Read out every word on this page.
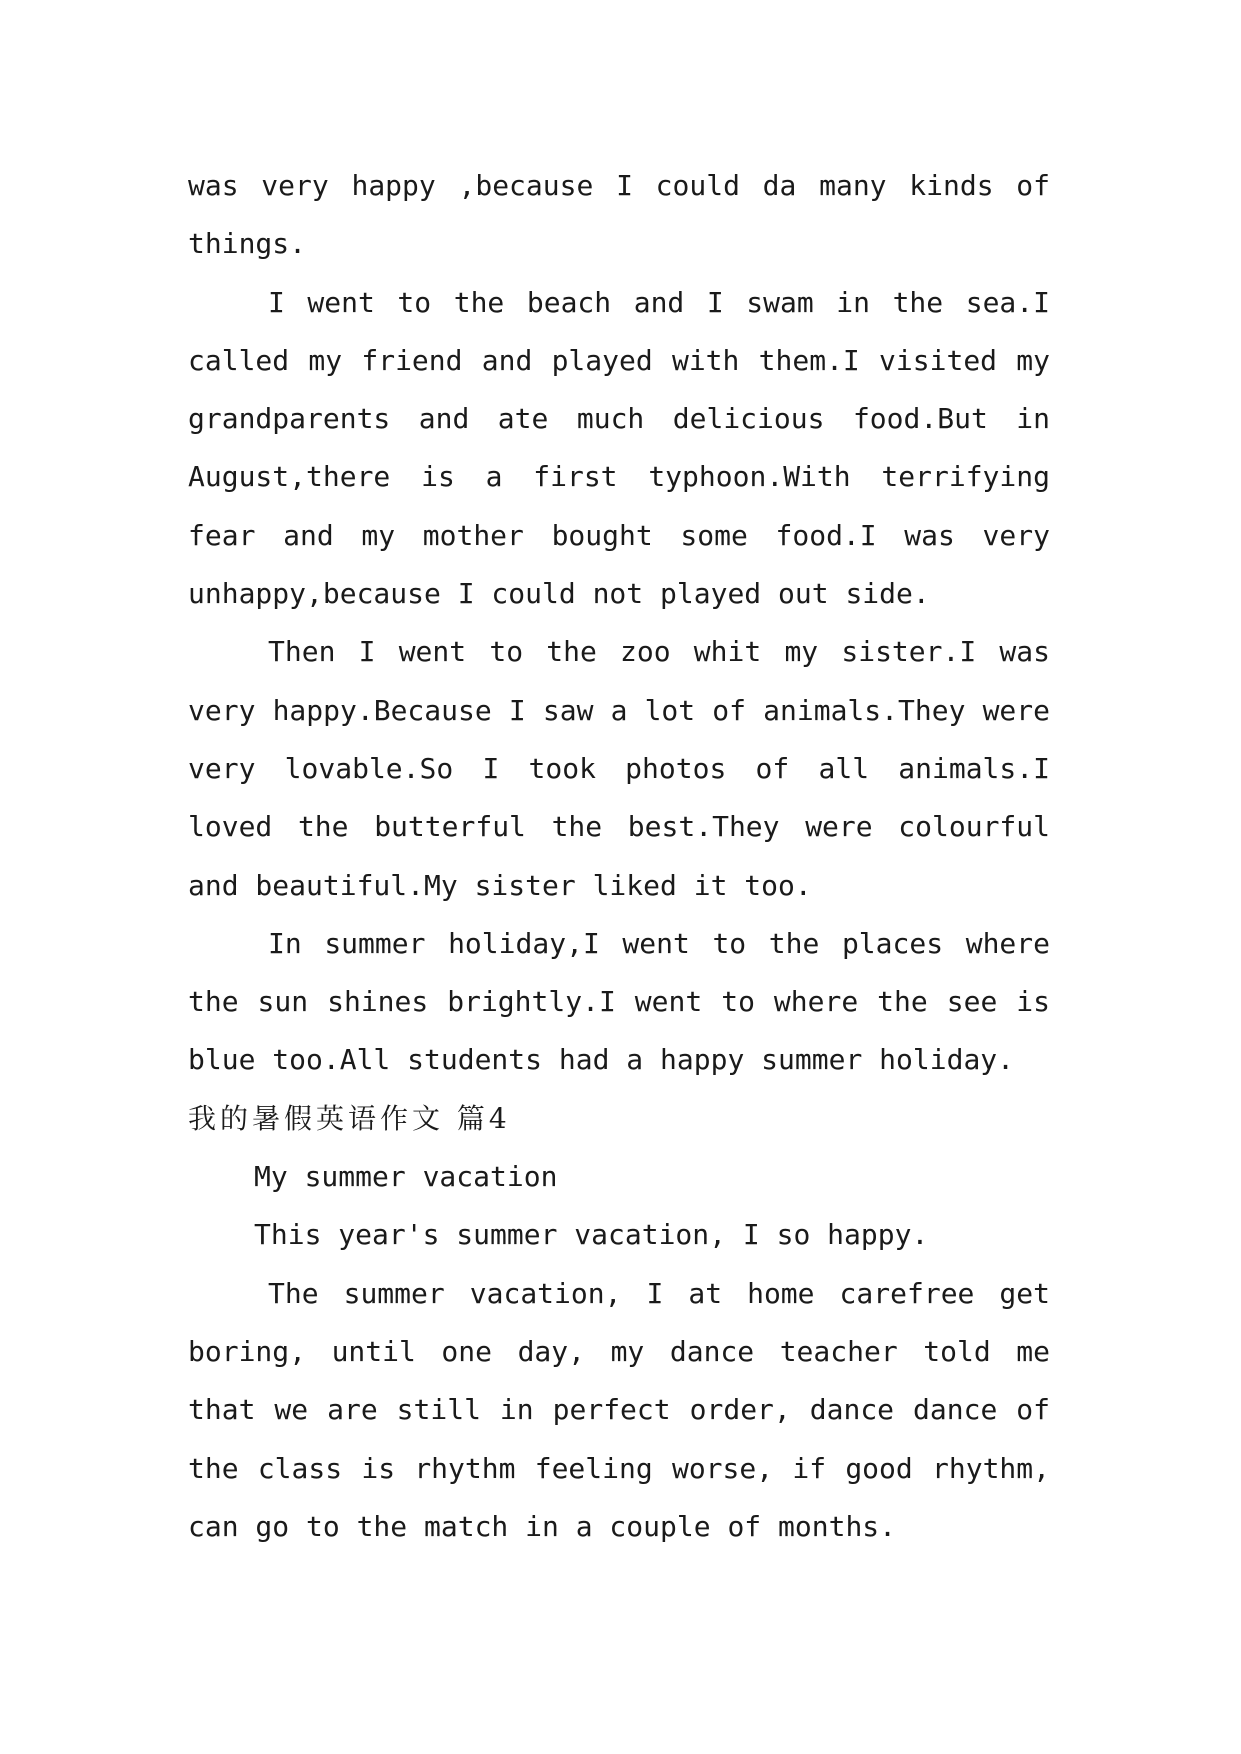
was very happy ,because I could da many kinds of
things.
I went to the beach and I swam in the sea.I
called my friend and played with them.I visited my
grandparents and ate much delicious food.But in
August,there is a first typhoon.With terrifying
fear and my mother bought some food.I was very
unhappy,because I could not played out side.
Then I went to the zoo whit my sister.I was
very happy.Because I saw a lot of animals.They were
very lovable.So I took photos of all animals.I
loved the butterful the best.They were colourful
and beautiful.My sister liked it too.
In summer holiday,I went to the places where
the sun shines brightly.I went to where the see is
blue too.All students had a happy summer holiday.
我的暑假英语作文 篇4
My summer vacation
This year's summer vacation, I so happy.
The summer vacation, I at home carefree get
boring, until one day, my dance teacher told me
that we are still in perfect order, dance dance of
the class is rhythm feeling worse, if good rhythm,
can go to the match in a couple of months.
